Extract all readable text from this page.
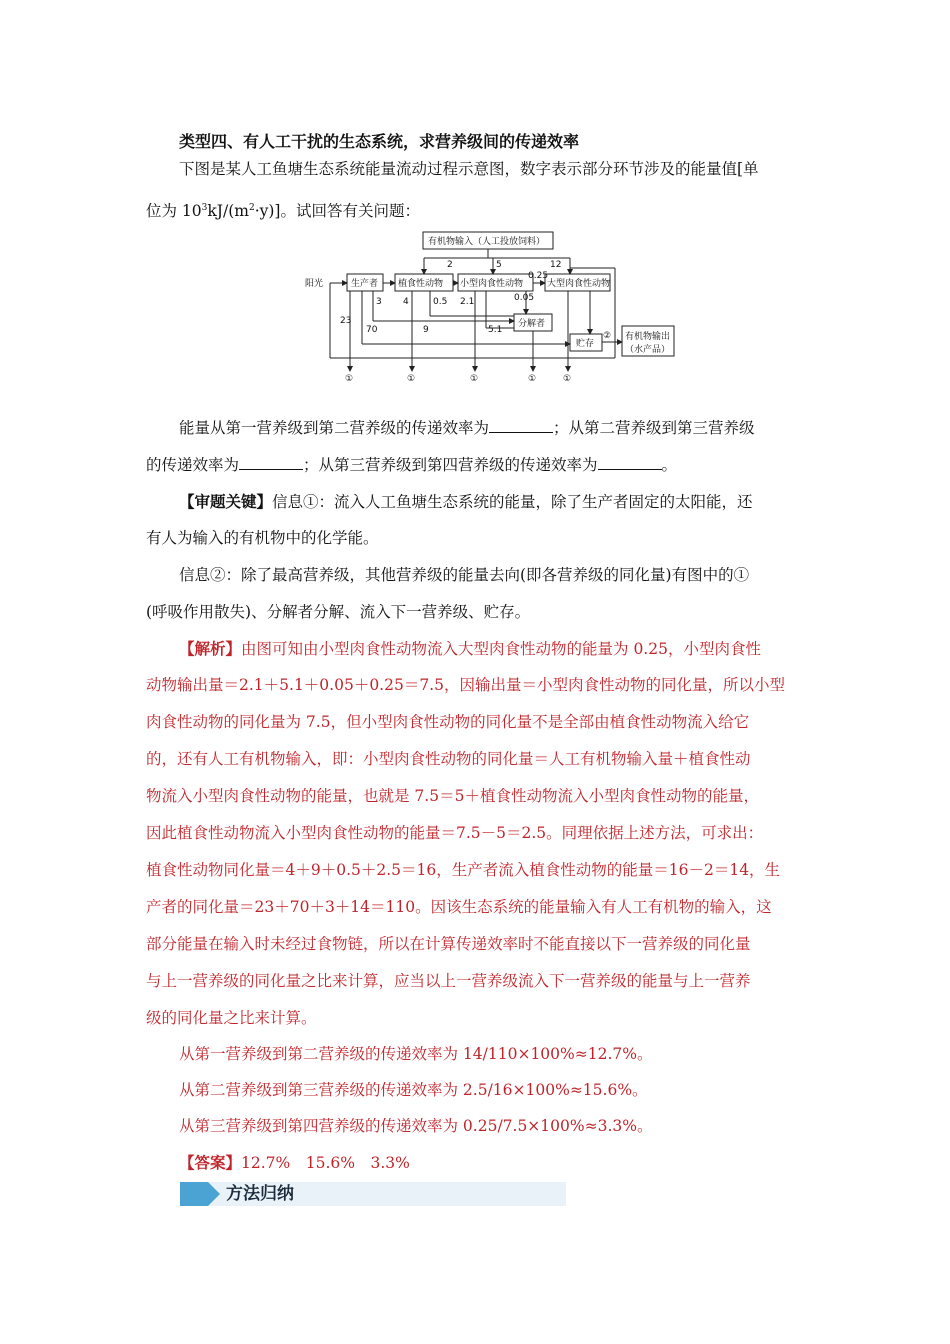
类型四、有人工干扰的生态系统，求营养级间的传递效率
下图是某人工鱼塘生态系统能量流动过程示意图，数字表示部分环节涉及的能量值[单
位为 $10^3kJ/(m^2\cdot y)$]。试回答有关问题：
有机物输入（人工投放饲料）
阳光	生产者 植食性动物 小型肉食性动物	大型肉食性动物
分解者
贮存
有机物输出
（水产品）
2	5	12
0.25
0.05
3 4	0.5 2.1
23
70	9	5.1
②
①	①	①	①	①
能量从第一营养级到第二营养级的传递效率为	；从第二营养级到第三营养级
的传递效率为	；从第三营养级到第四营养级的传递效率为	。
【审题关键】信息①：流入人工鱼塘生态系统的能量，除了生产者固定的太阳能，还
有人为输入的有机物中的化学能。
信息②：除了最高营养级，其他营养级的能量去向(即各营养级的同化量)有图中的①
(呼吸作用散失)、分解者分解、流入下一营养级、贮存。
【解析】由图可知由小型肉食性动物流入大型肉食性动物的能量为 0.25，小型肉食性
动物输出量＝2.1＋5.1＋0.05＋0.25＝7.5，因输出量＝小型肉食性动物的同化量，所以小型
肉食性动物的同化量为 7.5，但小型肉食性动物的同化量不是全部由植食性动物流入给它
的，还有人工有机物输入，即：小型肉食性动物的同化量＝人工有机物输入量＋植食性动
物流入小型肉食性动物的能量，也就是 7.5＝5＋植食性动物流入小型肉食性动物的能量，
因此植食性动物流入小型肉食性动物的能量＝7.5－5＝2.5。同理依据上述方法，可求出：
植食性动物同化量＝4＋9＋0.5＋2.5＝16，生产者流入植食性动物的能量＝16－2＝14，生
产者的同化量＝23＋70＋3＋14＝110。因该生态系统的能量输入有人工有机物的输入，这
部分能量在输入时未经过食物链，所以在计算传递效率时不能直接以下一营养级的同化量
与上一营养级的同化量之比来计算，应当以上一营养级流入下一营养级的能量与上一营养
级的同化量之比来计算。
从第一营养级到第二营养级的传递效率为 14/110×100%≈12.7%。
从第二营养级到第三营养级的传递效率为 2.5/16×100%≈15.6%。
从第三营养级到第四营养级的传递效率为 0.25/7.5×100%≈3.3%。
【答案】12.7%　15.6%　3.3%
方法归纳
